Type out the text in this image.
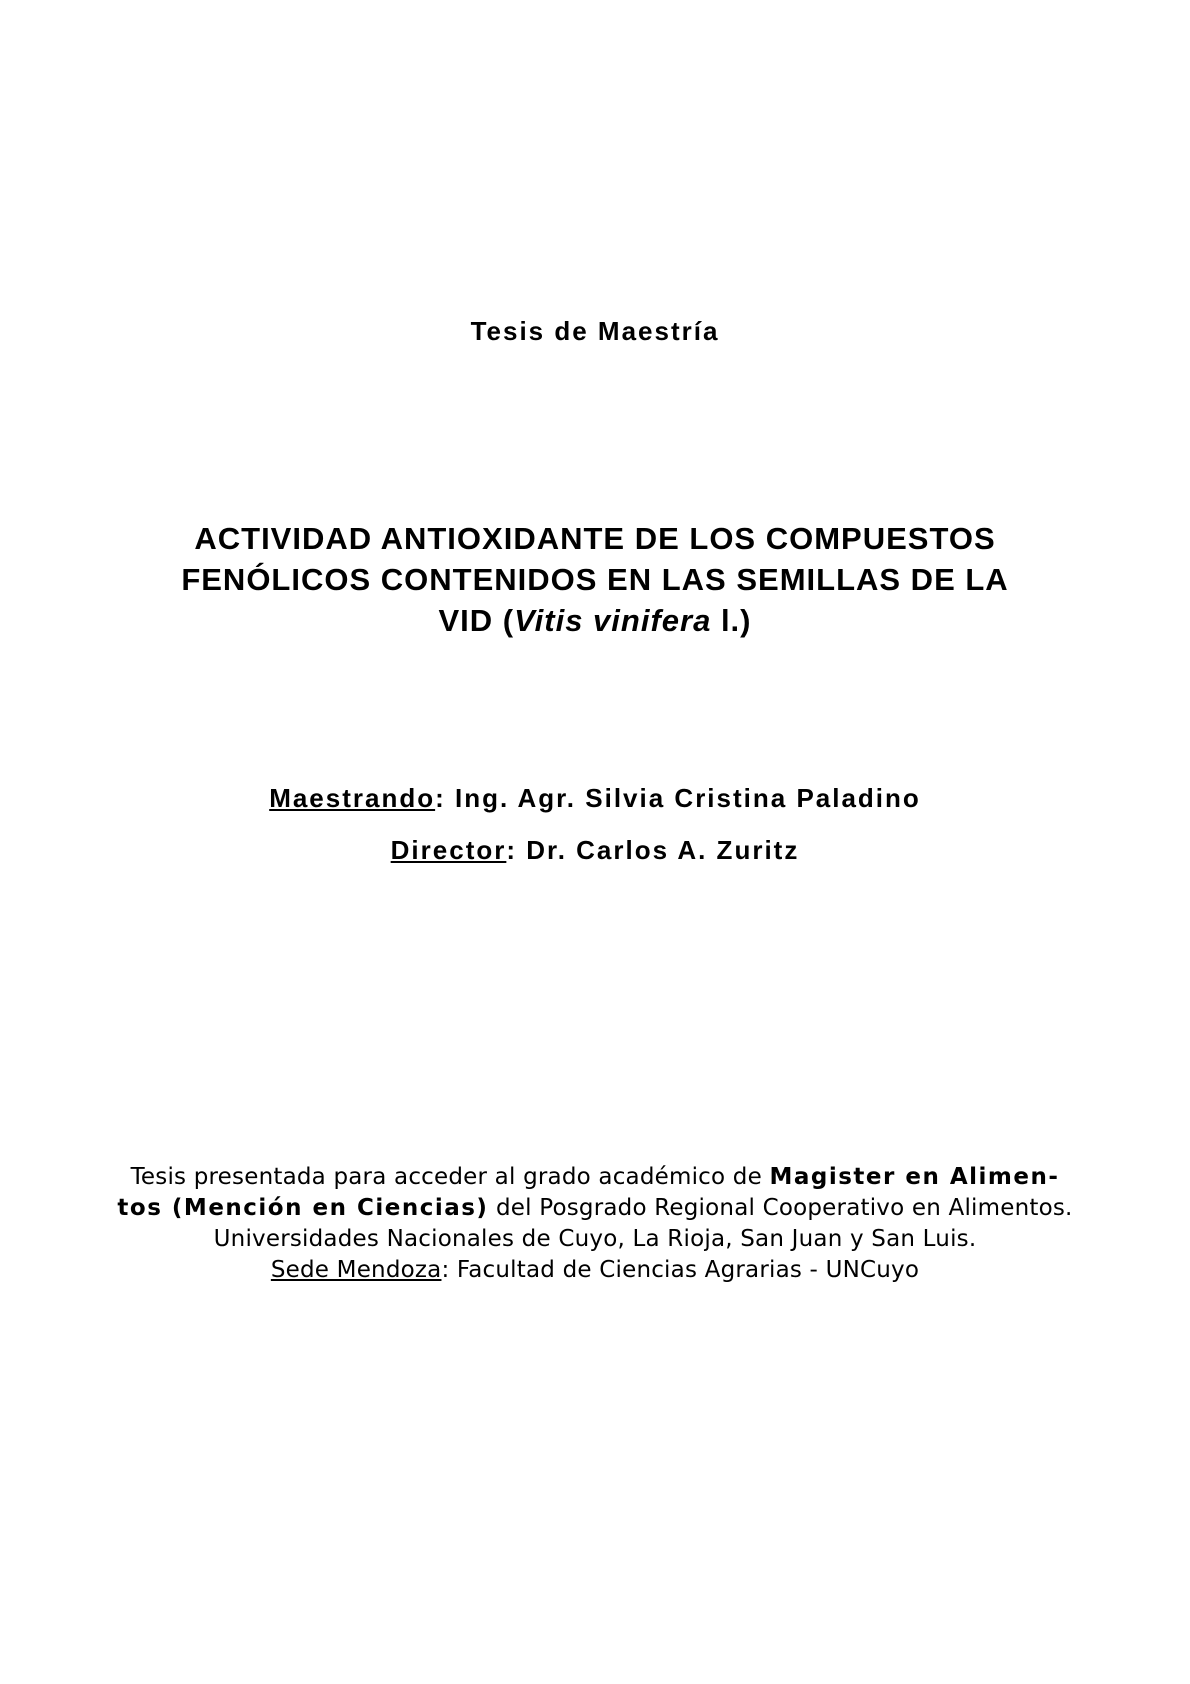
Tesis de Maestría
ACTIVIDAD ANTIOXIDANTE DE LOS COMPUESTOS
FENÓLICOS CONTENIDOS EN LAS SEMILLAS DE LA
VID (Vitis vinifera l.)
Maestrando: Ing. Agr. Silvia Cristina Paladino
Director: Dr. Carlos A. Zuritz
Tesis presentada para acceder al grado académico de Magister en Alimen-
tos (Mención en Ciencias) del Posgrado Regional Cooperativo en Alimentos.
Universidades Nacionales de Cuyo, La Rioja, San Juan y San Luis.
Sede Mendoza: Facultad de Ciencias Agrarias - UNCuyo
